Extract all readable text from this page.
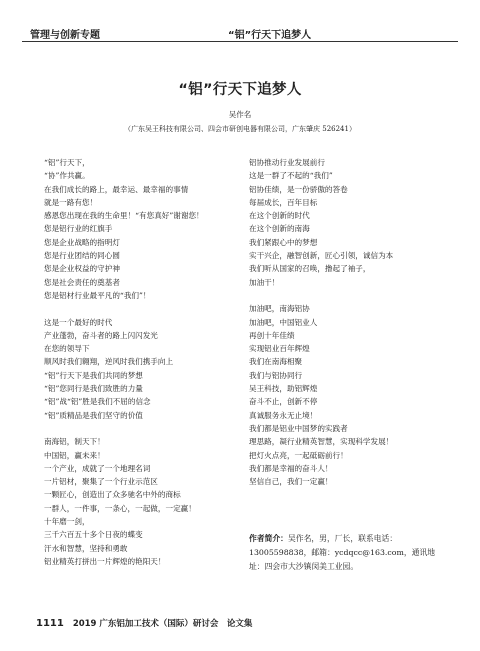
管理与创新专题	“铝”行天下追梦人
“铝”行天下追梦人
吴作名
（广东吴王科技有限公司、四会市研创电器有限公司，广东肇庆 526241）
“铝”行天下，
“协”作共赢。
在我们成长的路上，最幸运、最幸福的事情
就是一路有您！
感恩您出现在我的生命里！“有您真好”谢谢您！
您是铝行业的红旗手
您是企业战略的指明灯
您是行业团结的同心圆
您是企业权益的守护神
您是社会责任的奠基者
您是铝材行业最平凡的“我们”！
这是一个最好的时代
产业蓬勃，奋斗者的路上闪闪发光
在您的领导下
顺风时我们翱翔，逆风时我们携手向上
“铝”行天下是我们共同的梦想
“铝”您同行是我们致胜的力量
“铝”战“铝”胜是我们不屈的信念
“铝”质精品是我们坚守的价值
南海铝，制天下！
中国铝，赢未来！
一个产业，成就了一个地理名词
一片铝材，聚集了一个行业示范区
一颗匠心，创造出了众多驰名中外的商标
一群人，一件事，一条心，一起做，一定赢！
十年磨一剑，
三千六百五十多个日夜的蝶变
汗水和智慧，坚持和勇敢
铝业精英打拼出一片辉煌的艳阳天！
铝协推动行业发展前行
这是一群了不起的“我们”
铝协佳绩，是一份骄傲的答卷
每届成长，百年目标
在这个创新的时代
在这个创新的南海
我们紧跟心中的梦想
实干兴企，融智创新，匠心引领，诚信为本
我们听从国家的召唤，撸起了袖子，
加油干！
加油吧，南海铝协
加油吧，中国铝业人
再创十年佳绩
实现铝业百年辉煌
我们在南海相聚
我们与铝协同行
吴王科技，助铝辉煌
奋斗不止，创新不停
真诚服务永无止境！
我们都是铝业中国梦的实践者
理思路，凝行业精英智慧，实现科学发展！
把灯火点亮，一起砥砺前行！
我们都是幸福的奋斗人！
坚信自己，我们一定赢！
作者简介：吴作名，男，厂长，联系电话：13005598838，邮箱：ycdqcc@163.com，通讯地址：四会市大沙镇闵美工业园。
1111 2019 广东铝加工技术（国际）研讨会　论文集
